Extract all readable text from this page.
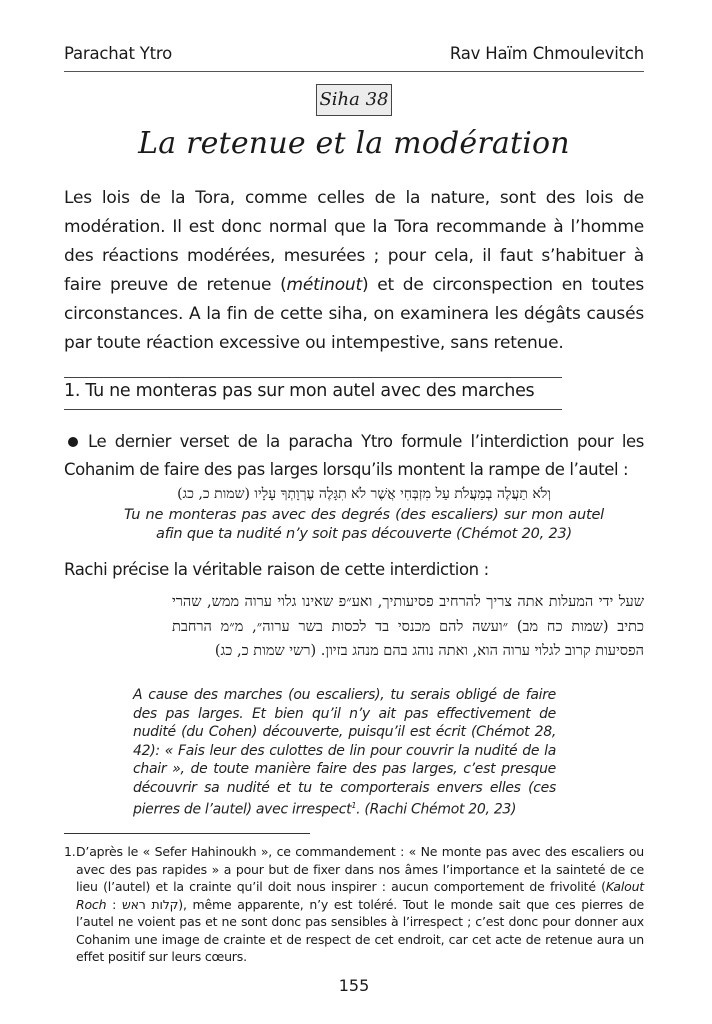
Parachat Ytro	Rav Haïm Chmoulevitch
Siha 38
La retenue et la modération

Les lois de la Tora, comme celles de la nature, sont des lois de modération. Il est donc normal que la Tora recommande à l’homme des réactions modérées, mesurées ; pour cela, il faut s’habituer à faire preuve de retenue (métinout) et de circonspection en toutes circonstances. A la fin de cette siha, on examinera les dégâts causés par toute réaction excessive ou intempestive, sans retenue.

1. Tu ne monteras pas sur mon autel avec des marches

Le dernier verset de la paracha Ytro formule l’interdiction pour les Cohanim de faire des pas larges lorsqu’ils montent la rampe de l’autel :

וְלֹא תַעֲלֶה בְמַעֲלֹת עַל מִזְבְּחִי אֲשֶׁר לֹא תִגָּלֶה עֶרְוָתְךָ עָלָיו (שמות כ, כג)
Tu ne monteras pas avec des degrés (des escaliers) sur mon autel afin que ta nudité n’y soit pas découverte (Chémot 20, 23)
Rachi précise la véritable raison de cette interdiction :
שעל ידי המעלות אתה צריך להרחיב פסיעותיך, ואע״פ שאינו גלוי ערוה ממש, שהרי כתיב (שמות כח מב) ״ועשה להם מכנסי בד לכסות בשר ערוה״, מ״מ הרחבת הפסיעות קרוב לגלוי ערוה הוא, ואתה נוהג בהם מנהג בזיון. (רשי שמות כ, כג)
A cause des marches (ou escaliers), tu serais obligé de faire des pas larges. Et bien qu’il n’y ait pas effectivement de nudité (du Cohen) découverte, puisqu’il est écrit (Chémot 28, 42): « Fais leur des culottes de lin pour couvrir la nudité de la chair », de toute manière faire des pas larges, c’est presque découvrir sa nudité et tu te comporterais envers elles (ces pierres de l’autel) avec irrespect$^1$. (Rachi Chémot 20, 23)
1. D’après le « Sefer Hahinoukh », ce commandement : « Ne monte pas avec des escaliers ou avec des pas rapides » a pour but de fixer dans nos âmes l’importance et la sainteté de ce lieu (l’autel) et la crainte qu’il doit nous inspirer : aucun comportement de frivolité (Kalout Roch : קלות ראש), même apparente, n’y est toléré. Tout le monde sait que ces pierres de l’autel ne voient pas et ne sont donc pas sensibles à l’irrespect ; c’est donc pour donner aux Cohanim une image de crainte et de respect de cet endroit, car cet acte de retenue aura un effet positif sur leurs cœurs.
155
